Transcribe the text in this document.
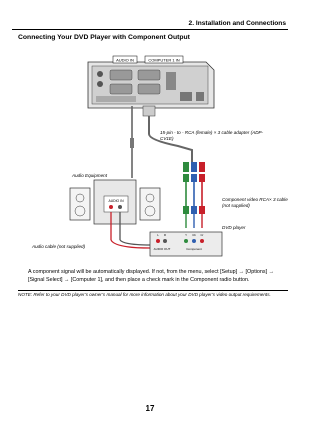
2. Installation and Connections
Connecting Your DVD Player with Component Output
AUDIO IN	COMPUTER 1 IN
AUDIO IN
L R	Y Cb Cr
AUDIO OUT	Component
15-pin - to - RCA (female) × 3 cable adapter (ADP-CV1E)
Audio Equipment
Component video RCA× 3 cable (not supplied)
DVD player
Audio cable (not supplied)
A component signal will be automatically displayed. If not, from the menu, select [Setup] → [Options] → [Signal Select] → [Computer 1], and then place a check mark in the Component radio button.
NOTE: Refer to your DVD player’s owner’s manual for more information about your DVD player’s video output requirements.
17
